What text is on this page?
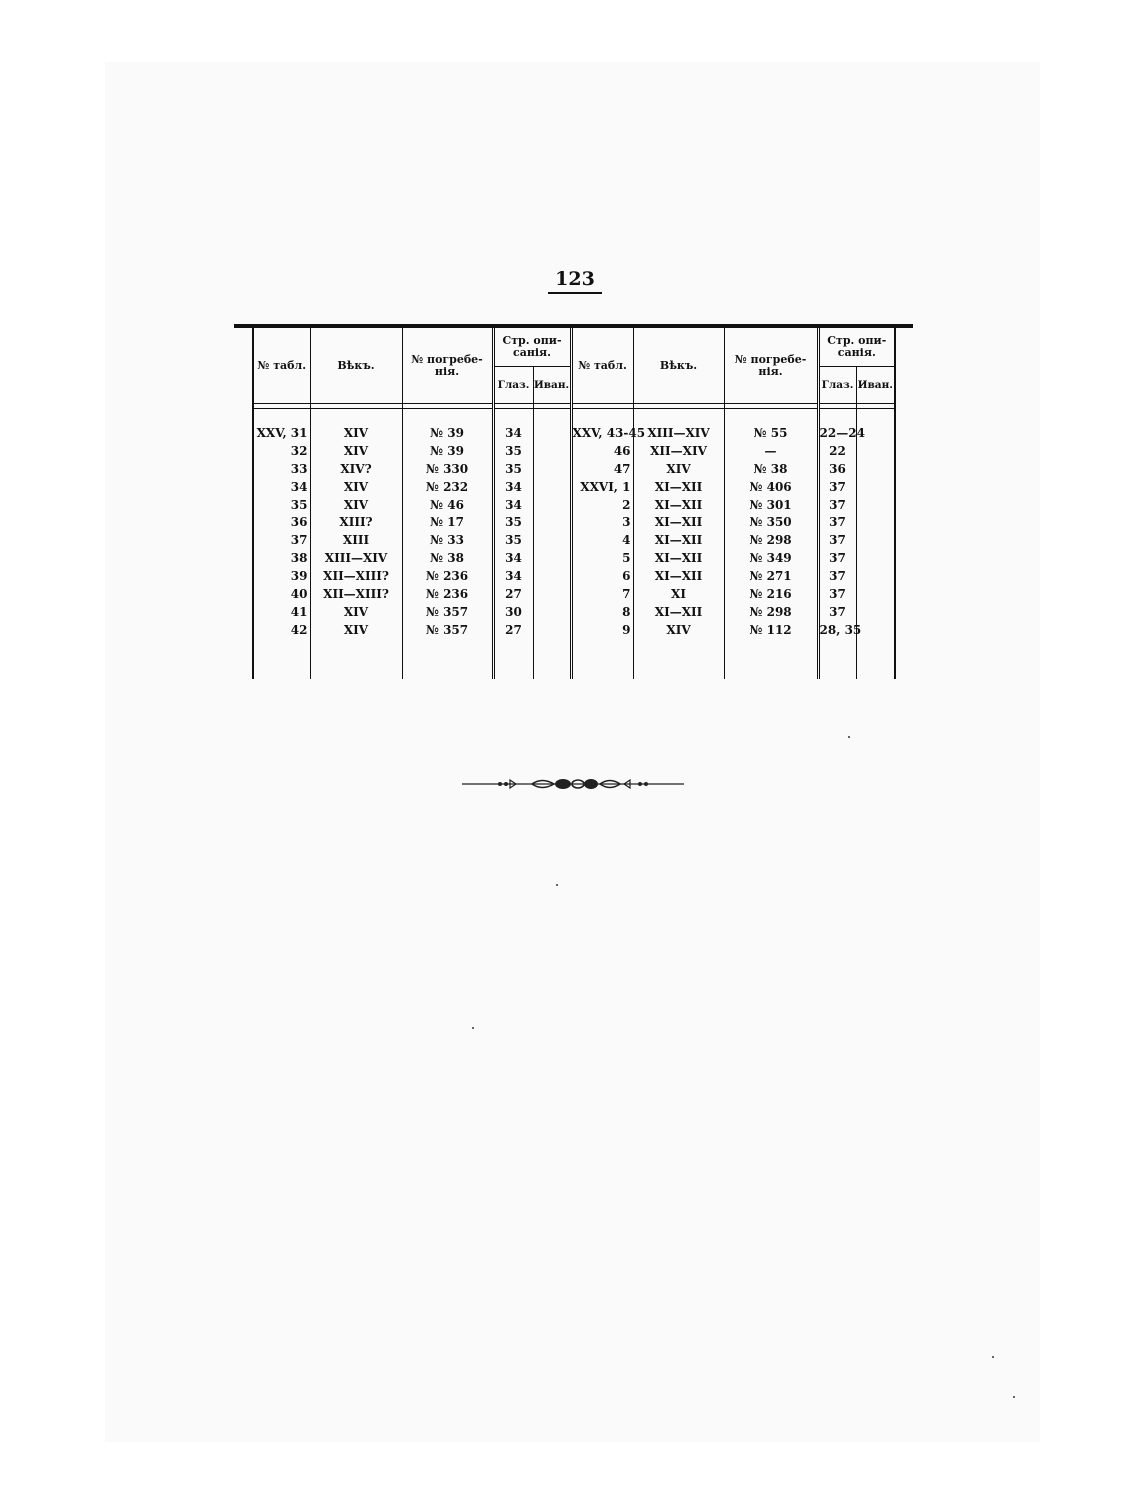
123
№ табл.	Вѣкъ.	№ погребе-нія.	Стр. опи-санія.		№ табл.	Вѣкъ.	№ погребе-нія.	Стр. опи-санія.	
			Глаз.	Иван.				Глаз.	Иван.

XXV, 31	XIV	№ 39	34		XXV, 43-45	XIII—XIV	№ 55	22—24	
32	XIV	№ 39	35		46	XII—XIV	—	22	
33	XIV?	№ 330	35		47	XIV	№ 38	36	
34	XIV	№ 232	34		XXVI, 1	XI—XII	№ 406	37	
35	XIV	№ 46	34		2	XI—XII	№ 301	37	
36	XIII?	№ 17	35		3	XI—XII	№ 350	37	
37	XIII	№ 33	35		4	XI—XII	№ 298	37	
38	XIII—XIV	№ 38	34		5	XI—XII	№ 349	37	
39	XII—XIII?	№ 236	34		6	XI—XII	№ 271	37	
40	XII—XIII?	№ 236	27		7	XI	№ 216	37	
41	XIV	№ 357	30		8	XI—XII	№ 298	37	
42	XIV	№ 357	27		9	XIV	№ 112	28, 35	
